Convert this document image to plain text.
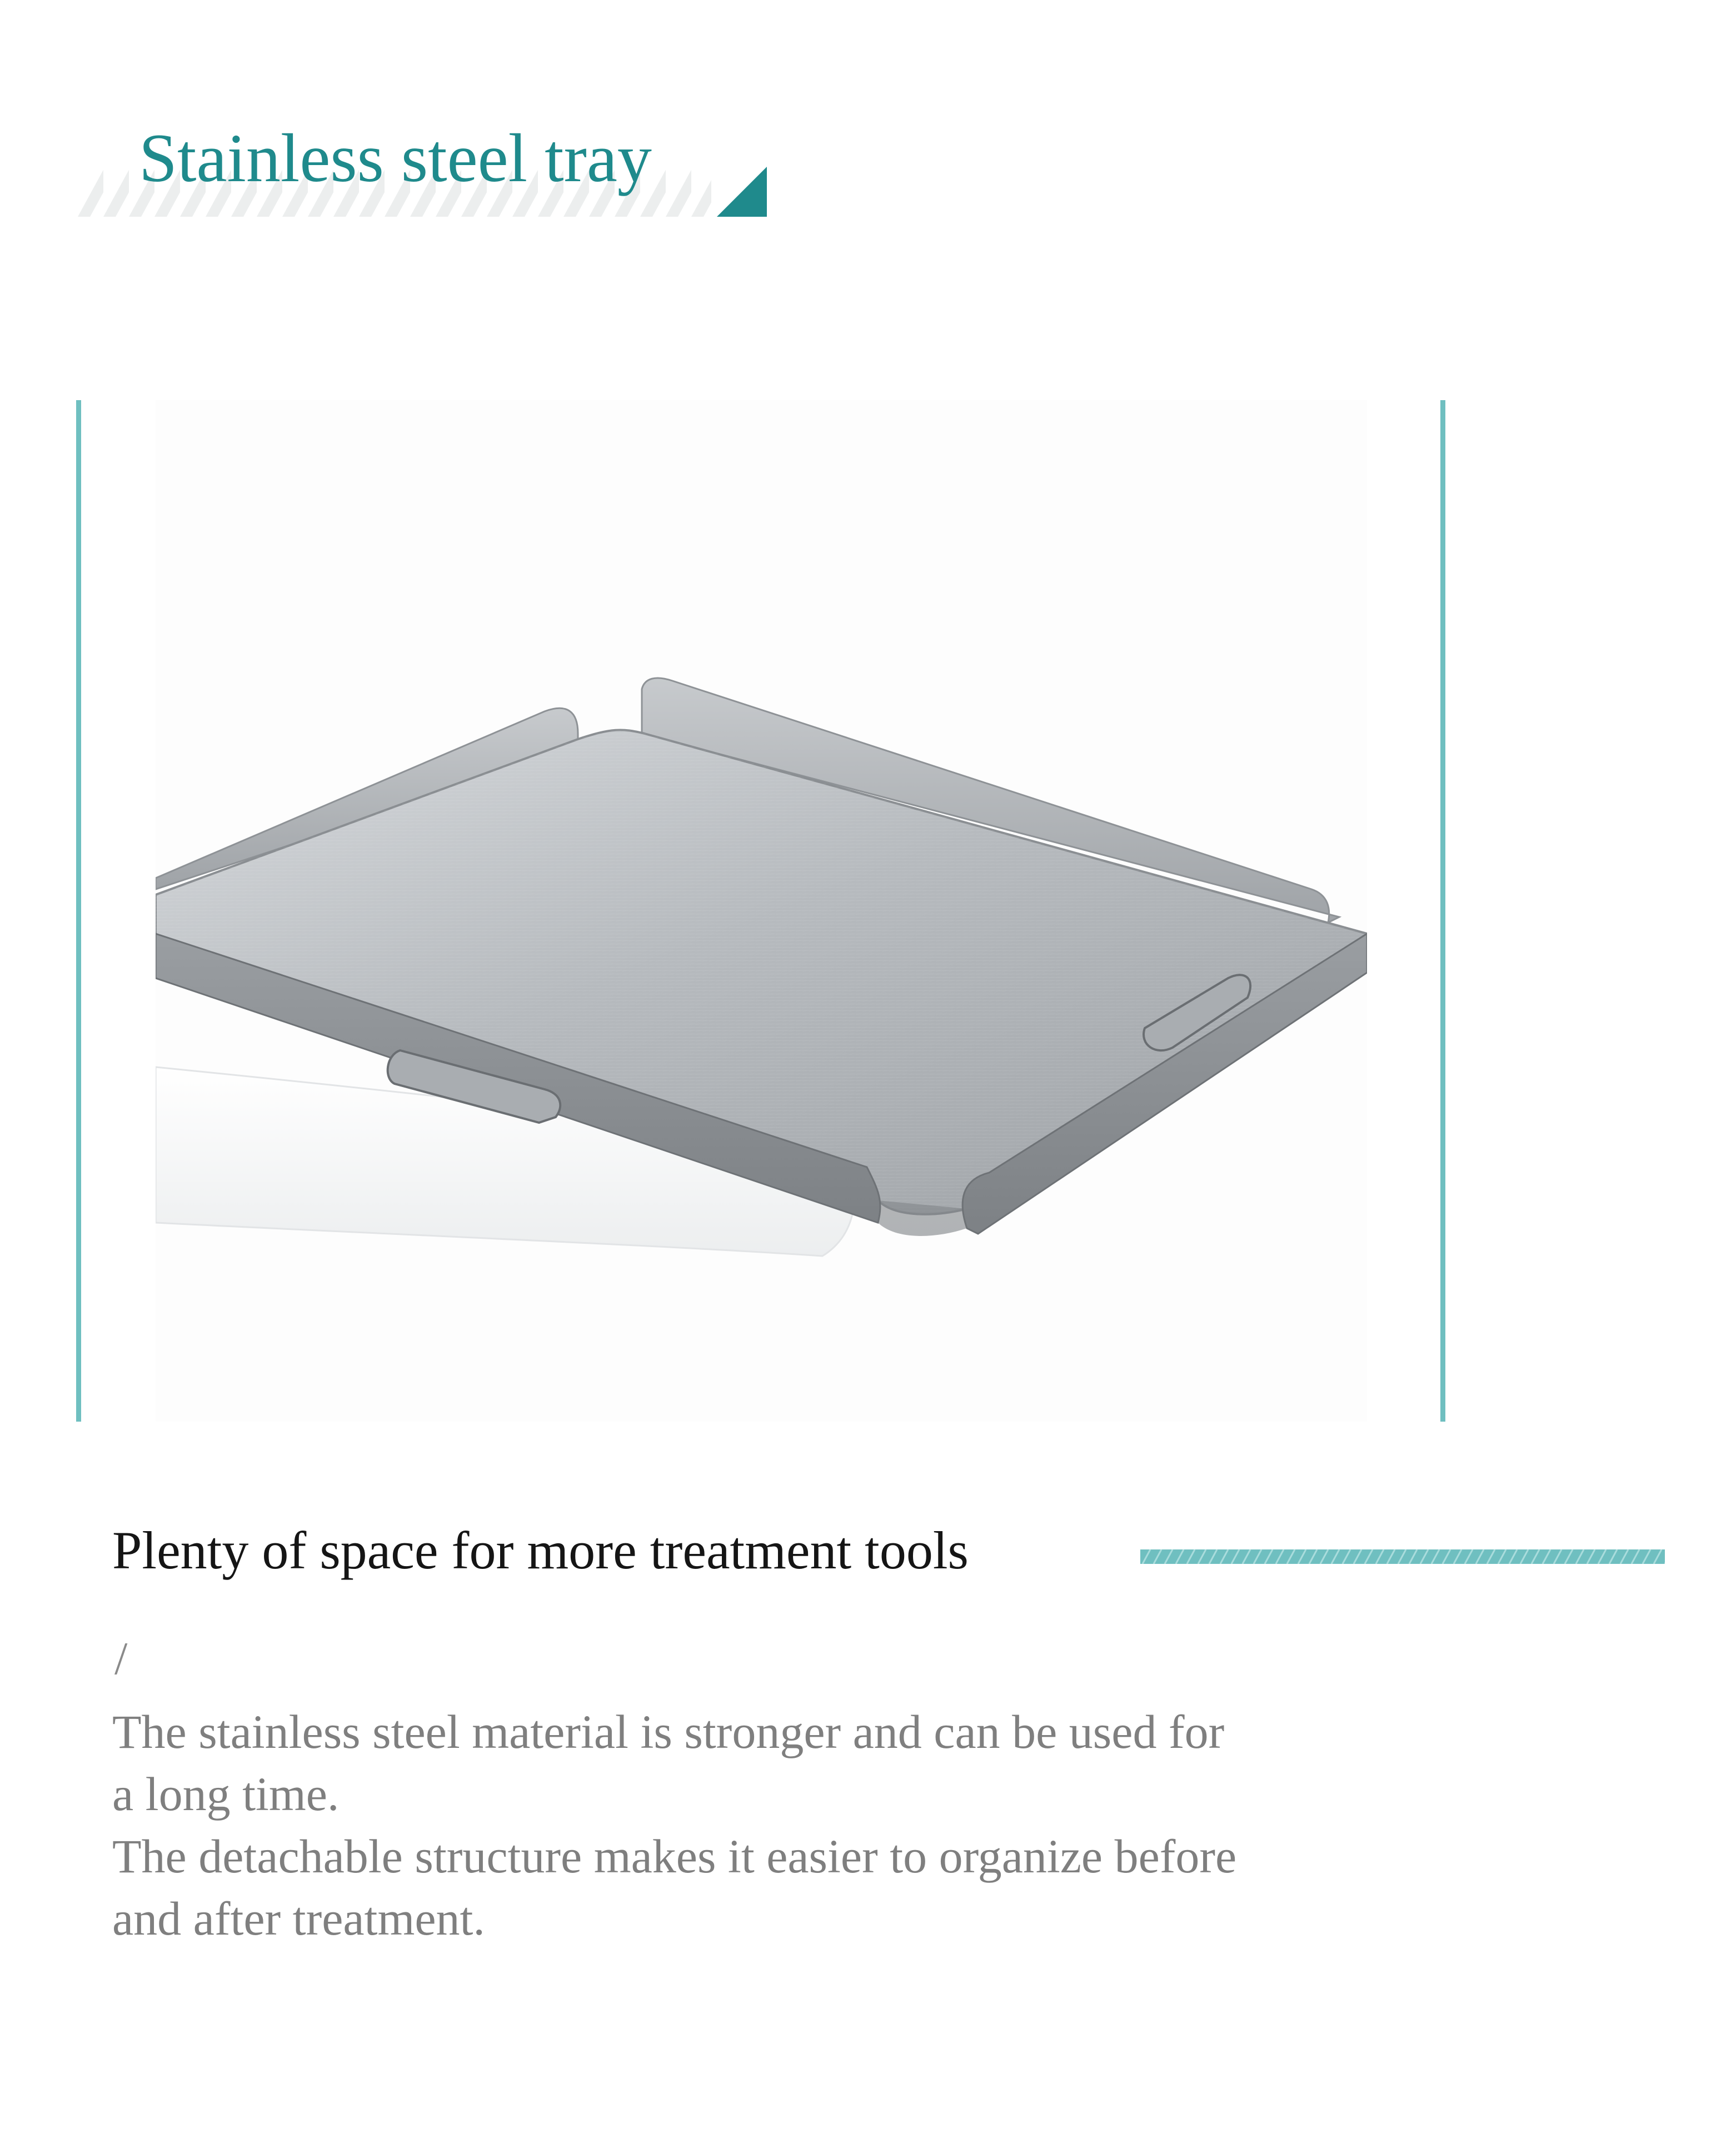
Stainless steel tray
Plenty of space for more treatment tools
/
The stainless steel material is stronger and can be used for
a long time.
The detachable structure makes it easier to organize before
and after treatment.
